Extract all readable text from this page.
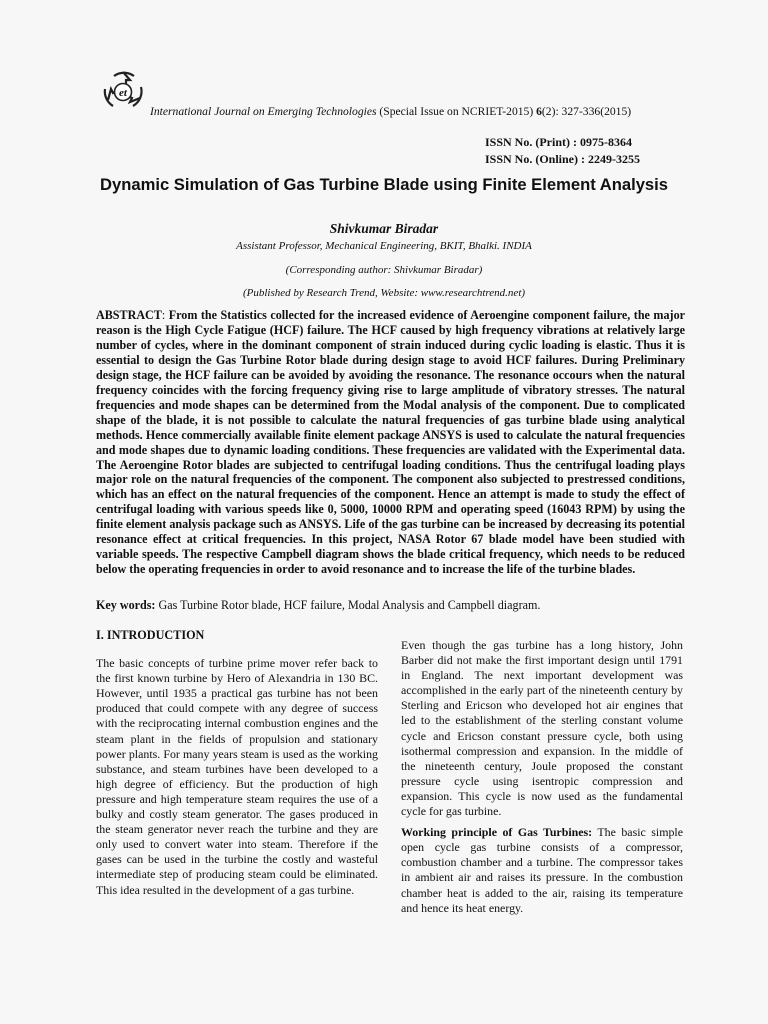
et
International Journal on Emerging Technologies (Special Issue on NCRIET-2015) 6(2): 327-336(2015)
ISSN No. (Print) : 0975-8364
ISSN No. (Online) : 2249-3255
Dynamic Simulation of Gas Turbine Blade using Finite Element Analysis
Shivkumar Biradar
Assistant Professor, Mechanical Engineering, BKIT, Bhalki. INDIA
(Corresponding author: Shivkumar Biradar)
(Published by Research Trend, Website: www.researchtrend.net)
ABSTRACT: From the Statistics collected for the increased evidence of Aeroengine component failure, the major reason is the High Cycle Fatigue (HCF) failure. The HCF caused by high frequency vibrations at relatively large number of cycles, where in the dominant component of strain induced during cyclic loading is elastic. Thus it is essential to design the Gas Turbine Rotor blade during design stage to avoid HCF failures. During Preliminary design stage, the HCF failure can be avoided by avoiding the resonance. The resonance occours when the natural frequency coincides with the forcing frequency giving rise to large amplitude of vibratory stresses. The natural frequencies and mode shapes can be determined from the Modal analysis of the component. Due to complicated shape of the blade, it is not possible to calculate the natural frequencies of gas turbine blade using analytical methods. Hence commercially available finite element package ANSYS is used to calculate the natural frequencies and mode shapes due to dynamic loading conditions. These frequencies are validated with the Experimental data. The Aeroengine Rotor blades are subjected to centrifugal loading conditions. Thus the centrifugal loading plays major role on the natural frequencies of the component. The component also subjected to prestressed conditions, which has an effect on the natural frequencies of the component. Hence an attempt is made to study the effect of centrifugal loading with various speeds like 0, 5000, 10000 RPM and operating speed (16043 RPM) by using the finite element analysis package such as ANSYS. Life of the gas turbine can be increased by decreasing its potential resonance effect at critical frequencies. In this project, NASA Rotor 67 blade model have been studied with variable speeds. The respective Campbell diagram shows the blade critical frequency, which needs to be reduced below the operating frequencies in order to avoid resonance and to increase the life of the turbine blades.
Key words: Gas Turbine Rotor blade, HCF failure, Modal Analysis and Campbell diagram.
I. INTRODUCTION

The basic concepts of turbine prime mover refer back to the first known turbine by Hero of Alexandria in 130 BC. However, until 1935 a practical gas turbine has not been produced that could compete with any degree of success with the reciprocating internal combustion engines and the steam plant in the fields of propulsion and stationary power plants. For many years steam is used as the working substance, and steam turbines have been developed to a high degree of efficiency. But the production of high pressure and high temperature steam requires the use of a bulky and costly steam generator. The gases produced in the steam generator never reach the turbine and they are only used to convert water into steam. Therefore if the gases can be used in the turbine the costly and wasteful intermediate step of producing steam could be eliminated. This idea resulted in the development of a gas turbine.

Even though the gas turbine has a long history, John Barber did not make the first important design until 1791 in England. The next important development was accomplished in the early part of the nineteenth century by Sterling and Ericson who developed hot air engines that led to the establishment of the sterling constant volume cycle and Ericson constant pressure cycle, both using isothermal compression and expansion. In the middle of the nineteenth century, Joule proposed the constant pressure cycle using isentropic compression and expansion. This cycle is now used as the fundamental cycle for gas turbine.

Working principle of Gas Turbines: The basic simple open cycle gas turbine consists of a compressor, combustion chamber and a turbine. The compressor takes in ambient air and raises its pressure. In the combustion chamber heat is added to the air, raising its temperature and hence its heat energy.
